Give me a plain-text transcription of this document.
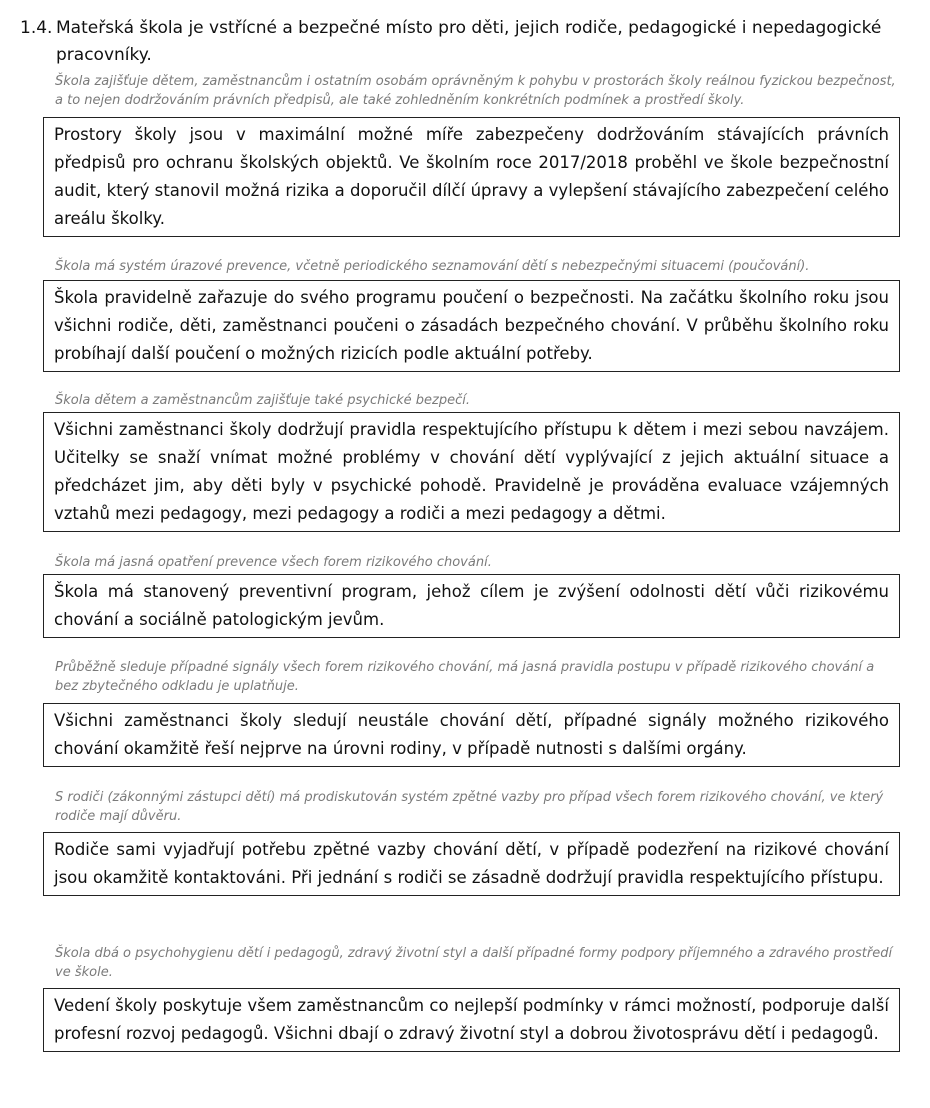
1.4. Mateřská škola je vstřícné a bezpečné místo pro děti, jejich rodiče, pedagogické i nepedagogické pracovníky.
Škola zajišťuje dětem, zaměstnancům i ostatním osobám oprávněným k pohybu v prostorách školy reálnou fyzickou bezpečnost, a to nejen dodržováním právních předpisů, ale také zohledněním konkrétních podmínek a prostředí školy.
Prostory školy jsou v maximální možné míře zabezpečeny dodržováním stávajících právních předpisů pro ochranu školských objektů. Ve školním roce 2017/2018 proběhl ve škole bezpečnostní audit, který stanovil možná rizika a doporučil dílčí úpravy a vylepšení stávajícího zabezpečení celého areálu školky.
Škola má systém úrazové prevence, včetně periodického seznamování dětí s nebezpečnými situacemi (poučování).
Škola pravidelně zařazuje do svého programu poučení o bezpečnosti. Na začátku školního roku jsou všichni rodiče, děti, zaměstnanci poučeni o zásadách bezpečného chování. V průběhu školního roku probíhají další poučení o možných rizicích podle aktuální potřeby.
Škola dětem a zaměstnancům zajišťuje také psychické bezpečí.
Všichni zaměstnanci školy dodržují pravidla respektujícího přístupu k dětem i mezi sebou navzájem. Učitelky se snaží vnímat možné problémy v chování dětí vyplývající z jejich aktuální situace a předcházet jim, aby děti byly v psychické pohodě. Pravidelně je prováděna evaluace vzájemných vztahů mezi pedagogy, mezi pedagogy a rodiči a mezi pedagogy a dětmi.
Škola má jasná opatření prevence všech forem rizikového chování.
Škola má stanovený preventivní program, jehož cílem je zvýšení odolnosti dětí vůči rizikovému chování a sociálně patologickým jevům.
Průběžně sleduje případné signály všech forem rizikového chování, má jasná pravidla postupu v případě rizikového chování a bez zbytečného odkladu je uplatňuje.
Všichni zaměstnanci školy sledují neustále chování dětí, případné signály možného rizikového chování okamžitě řeší nejprve na úrovni rodiny, v případě nutnosti s dalšími orgány.
S rodiči (zákonnými zástupci dětí) má prodiskutován systém zpětné vazby pro případ všech forem rizikového chování, ve který rodiče mají důvěru.
Rodiče sami vyjadřují potřebu zpětné vazby chování dětí, v případě podezření na rizikové chování jsou okamžitě kontaktováni. Při jednání s rodiči se zásadně dodržují pravidla respektujícího přístupu.
Škola dbá o psychohygienu dětí i pedagogů, zdravý životní styl a další případné formy podpory příjemného a zdravého prostředí ve škole.
Vedení školy poskytuje všem zaměstnancům co nejlepší podmínky v rámci možností, podporuje další profesní rozvoj pedagogů. Všichni dbají o zdravý životní styl a dobrou životosprávu dětí i pedagogů.
